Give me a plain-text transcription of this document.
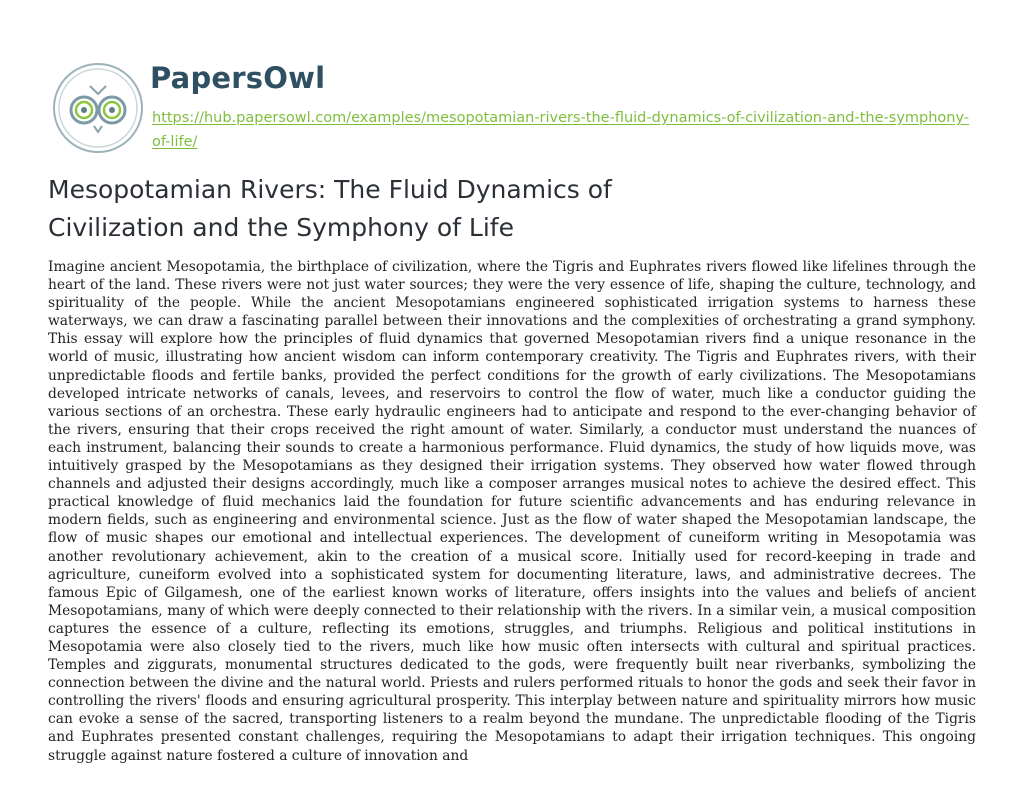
PapersOwl
https://hub.papersowl.com/examples/mesopotamian-rivers-the-fluid-dynamics-of-civilization-and-the-symphony-of-life/
Mesopotamian Rivers: The Fluid Dynamics of Civilization and the Symphony of Life

Imagine ancient Mesopotamia, the birthplace of civilization, where the Tigris and Euphrates rivers flowed like lifelines through the heart of the land. These rivers were not just water sources; they were the very essence of life, shaping the culture, technology, and spirituality of the people. While the ancient Mesopotamians engineered sophisticated irrigation systems to harness these waterways, we can draw a fascinating parallel between their innovations and the complexities of orchestrating a grand symphony. This essay will explore how the principles of fluid dynamics that governed Mesopotamian rivers find a unique resonance in the world of music, illustrating how ancient wisdom can inform contemporary creativity. The Tigris and Euphrates rivers, with their unpredictable floods and fertile banks, provided the perfect conditions for the growth of early civilizations. The Mesopotamians developed intricate networks of canals, levees, and reservoirs to control the flow of water, much like a conductor guiding the various sections of an orchestra. These early hydraulic engineers had to anticipate and respond to the ever-changing behavior of the rivers, ensuring that their crops received the right amount of water. Similarly, a conductor must understand the nuances of each instrument, balancing their sounds to create a harmonious performance. Fluid dynamics, the study of how liquids move, was intuitively grasped by the Mesopotamians as they designed their irrigation systems. They observed how water flowed through channels and adjusted their designs accordingly, much like a composer arranges musical notes to achieve the desired effect. This practical knowledge of fluid mechanics laid the foundation for future scientific advancements and has enduring relevance in modern fields, such as engineering and environmental science. Just as the flow of water shaped the Mesopotamian landscape, the flow of music shapes our emotional and intellectual experiences. The development of cuneiform writing in Mesopotamia was another revolutionary achievement, akin to the creation of a musical score. Initially used for record-keeping in trade and agriculture, cuneiform evolved into a sophisticated system for documenting literature, laws, and administrative decrees. The famous Epic of Gilgamesh, one of the earliest known works of literature, offers insights into the values and beliefs of ancient Mesopotamians, many of which were deeply connected to their relationship with the rivers. In a similar vein, a musical composition captures the essence of a culture, reflecting its emotions, struggles, and triumphs. Religious and political institutions in Mesopotamia were also closely tied to the rivers, much like how music often intersects with cultural and spiritual practices. Temples and ziggurats, monumental structures dedicated to the gods, were frequently built near riverbanks, symbolizing the connection between the divine and the natural world. Priests and rulers performed rituals to honor the gods and seek their favor in controlling the rivers' floods and ensuring agricultural prosperity. This interplay between nature and spirituality mirrors how music can evoke a sense of the sacred, transporting listeners to a realm beyond the mundane. The unpredictable flooding of the Tigris and Euphrates presented constant challenges, requiring the Mesopotamians to adapt their irrigation techniques. This ongoing struggle against nature fostered a culture of innovation and
